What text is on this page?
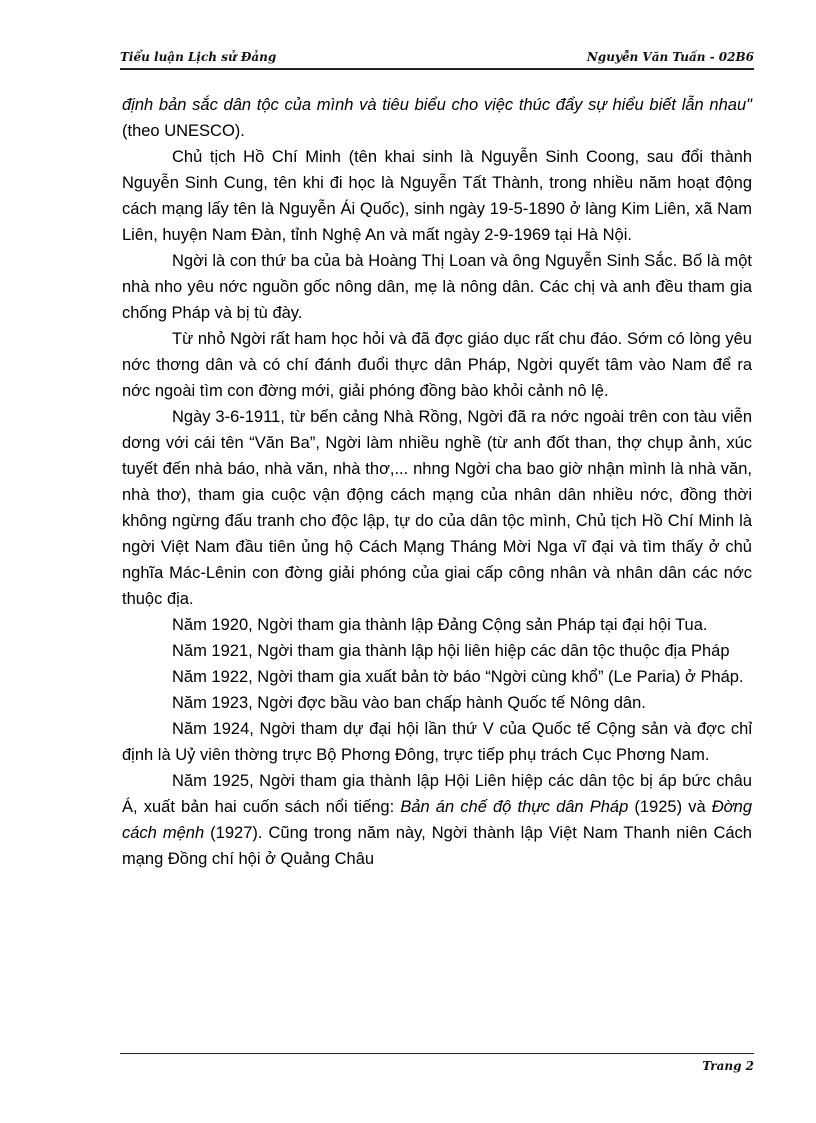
Tiểu luận Lịch sử Đảng	Nguyễn Văn Tuấn - 02B6

định bản sắc dân tộc của mình và tiêu biểu cho việc thúc đẩy sự hiểu biết lẫn nhau" (theo UNESCO).

Chủ tịch Hồ Chí Minh (tên khai sinh là Nguyễn Sinh Coong, sau đổi thành Nguyễn Sinh Cung, tên khi đi học là Nguyễn Tất Thành, trong nhiều năm hoạt động cách mạng lấy tên là Nguyễn Ái Quốc), sinh ngày 19-5-1890 ở làng Kim Liên, xã Nam Liên, huyện Nam Đàn, tỉnh Nghệ An và mất ngày 2-9-1969 tại Hà Nội.

Ngời là con thứ ba của bà Hoàng Thị Loan và ông Nguyễn Sinh Sắc. Bố là một nhà nho yêu nớc nguồn gốc nông dân, mẹ là nông dân. Các chị và anh đều tham gia chống Pháp và bị tù đày.

Từ nhỏ Ngời rất ham học hỏi và đã đợc giáo dục rất chu đáo. Sớm có lòng yêu nớc thơng dân và có chí đánh đuổi thực dân Pháp, Ngời quyết tâm vào Nam để ra nớc ngoài tìm con đờng mới, giải phóng đồng bào khỏi cảnh nô lệ.

Ngày 3-6-1911, từ bến cảng Nhà Rồng, Ngời đã ra nớc ngoài trên con tàu viễn dơng với cái tên “Văn Ba”, Ngời làm nhiều nghề (từ anh đốt than, thợ chụp ảnh, xúc tuyết đến nhà báo, nhà văn, nhà thơ,... nhng Ngời cha bao giờ nhận mình là nhà văn, nhà thơ), tham gia cuộc vận động cách mạng của nhân dân nhiều nớc, đồng thời không ngừng đấu tranh cho độc lập, tự do của dân tộc mình, Chủ tịch Hồ Chí Minh là ngời Việt Nam đầu tiên ủng hộ Cách Mạng Tháng Mời Nga vĩ đại và tìm thấy ở chủ nghĩa Mác-Lênin con đờng giải phóng của giai cấp công nhân và nhân dân các nớc thuộc địa.

Năm 1920, Ngời tham gia thành lập Đảng Cộng sản Pháp tại đại hội Tua.

Năm 1921, Ngời tham gia thành lập hội liên hiệp các dân tộc thuộc địa Pháp

Năm 1922, Ngời tham gia xuất bản tờ báo “Ngời cùng khổ” (Le Paria) ở Pháp.

Năm 1923, Ngời đợc bầu vào ban chấp hành Quốc tế Nông dân.

Năm 1924, Ngời tham dự đại hội lần thứ V của Quốc tế Cộng sản và đợc chỉ định là Uỷ viên thờng trực Bộ Phơng Đông, trực tiếp phụ trách Cục Phơng Nam.

Năm 1925, Ngời tham gia thành lập Hội Liên hiệp các dân tộc bị áp bức châu Á, xuất bản hai cuốn sách nổi tiếng: Bản án chế độ thực dân Pháp (1925) và Đờng cách mệnh (1927). Cũng trong năm này, Ngời thành lập Việt Nam Thanh niên Cách mạng Đồng chí hội ở Quảng Châu

Trang 2
